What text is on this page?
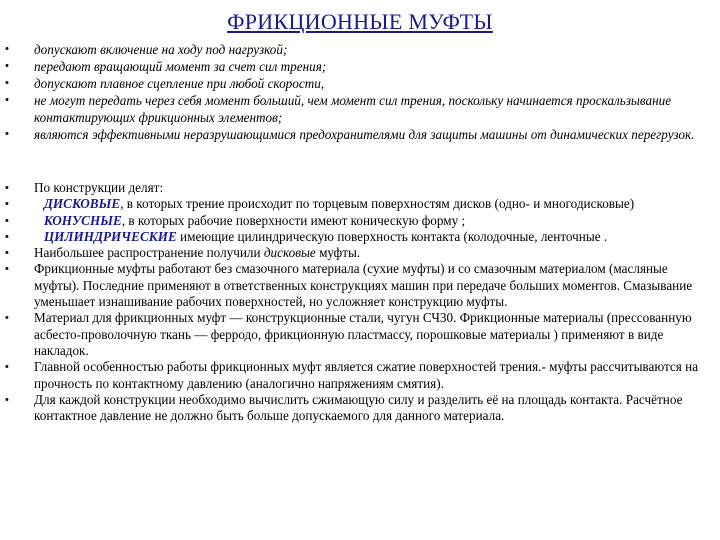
ФРИКЦИОННЫЕ МУФТЫ
• допускают включение на ходу под нагрузкой;
• передают вращающий момент за счет сил трения;
• допускают плавное сцепление при любой скорости,
• не могут передать через себя момент больший, чем момент сил трения, поскольку начинается проскальзывание контактирующих фрикционных элементов;
• являются эффективными неразрушающимися предохранителями для защиты машины от динамических перегрузок.
• По конструкции делят:
•	ДИСКОВЫЕ, в которых трение происходит по торцевым поверхностям дисков (одно- и многодисковые)
•	КОНУСНЫЕ, в которых рабочие поверхности имеют коническую форму ;
•	ЦИЛИНДРИЧЕСКИЕ имеющие цилиндрическую поверхность контакта (колодочные, ленточные .
• Наибольшее распространение получили дисковые муфты.
• Фрикционные муфты работают без смазочного материала (сухие муфты) и со смазочным материалом (масляные муфты). Последние применяют в ответственных конструкциях машин при передаче больших моментов. Смазывание уменьшает изнашивание рабочих поверхностей, но усложняет конструкцию муфты.
• Материал для фрикционных муфт — конструкционные стали, чугун СЧ30. Фрикционные материалы (прессованную асбесто-проволочную ткань — ферродо, фрикционную пластмассу, порошковые материалы ) применяют в виде накладок.
• Главной особенностью работы фрикционных муфт является сжатие поверхностей трения.- муфты рассчитываются на прочность по контактному давлению (аналогично напряжениям смятия).
• Для каждой конструкции необходимо вычислить сжимающую силу и разделить её на площадь контакта. Расчётное контактное давление не должно быть больше допускаемого для данного материала.
